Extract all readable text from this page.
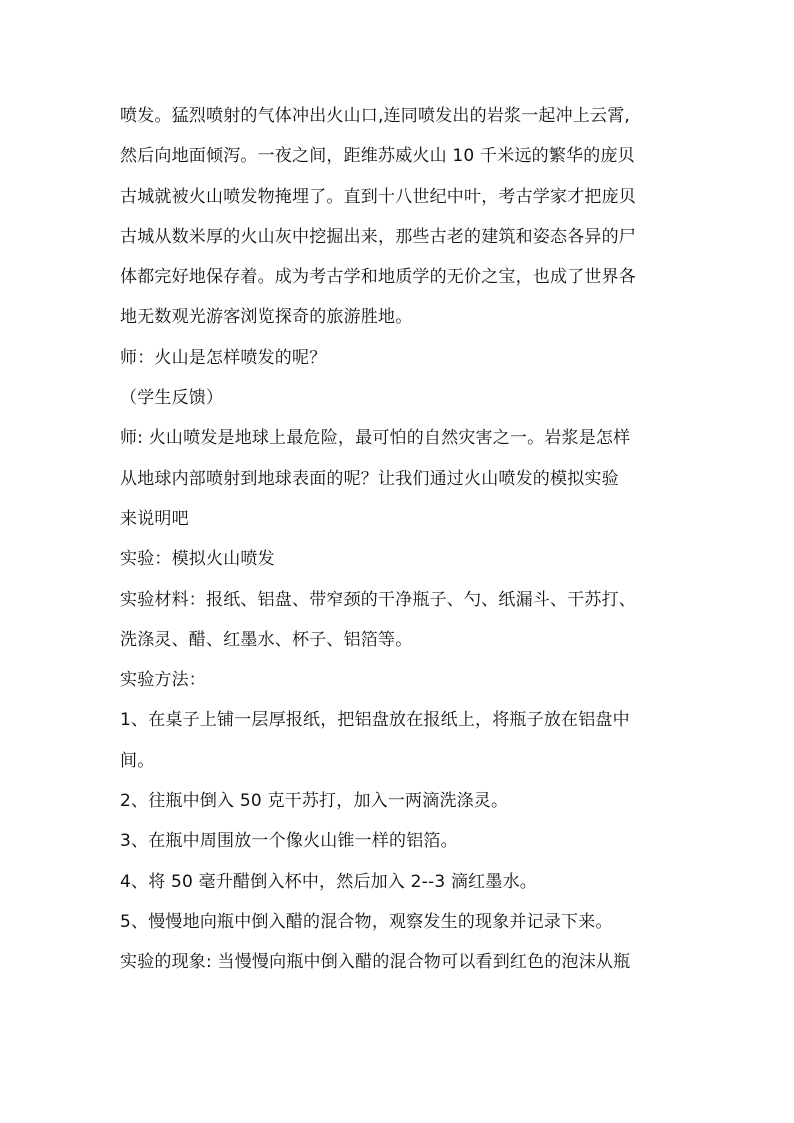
喷发。猛烈喷射的气体冲出火山口,连同喷发出的岩浆一起冲上云霄,
然后向地面倾泻。一夜之间，距维苏威火山 10 千米远的繁华的庞贝
古城就被火山喷发物掩埋了。直到十八世纪中叶，考古学家才把庞贝
古城从数米厚的火山灰中挖掘出来，那些古老的建筑和姿态各异的尸
体都完好地保存着。成为考古学和地质学的无价之宝，也成了世界各
地无数观光游客浏览探奇的旅游胜地。
师：火山是怎样喷发的呢？
（学生反馈）
师: 火山喷发是地球上最危险，最可怕的自然灾害之一。岩浆是怎样
从地球内部喷射到地球表面的呢？让我们通过火山喷发的模拟实验
来说明吧
实验：模拟火山喷发
实验材料：报纸、铝盘、带窄颈的干净瓶子、勺、纸漏斗、干苏打、
洗涤灵、醋、红墨水、杯子、铝箔等。
实验方法：
1、在桌子上铺一层厚报纸，把铝盘放在报纸上，将瓶子放在铝盘中
间。
2、往瓶中倒入 50 克干苏打，加入一两滴洗涤灵。
3、在瓶中周围放一个像火山锥一样的铝箔。
4、将 50 毫升醋倒入杯中，然后加入 2--3 滴红墨水。
5、慢慢地向瓶中倒入醋的混合物，观察发生的现象并记录下来。
实验的现象: 当慢慢向瓶中倒入醋的混合物可以看到红色的泡沫从瓶
